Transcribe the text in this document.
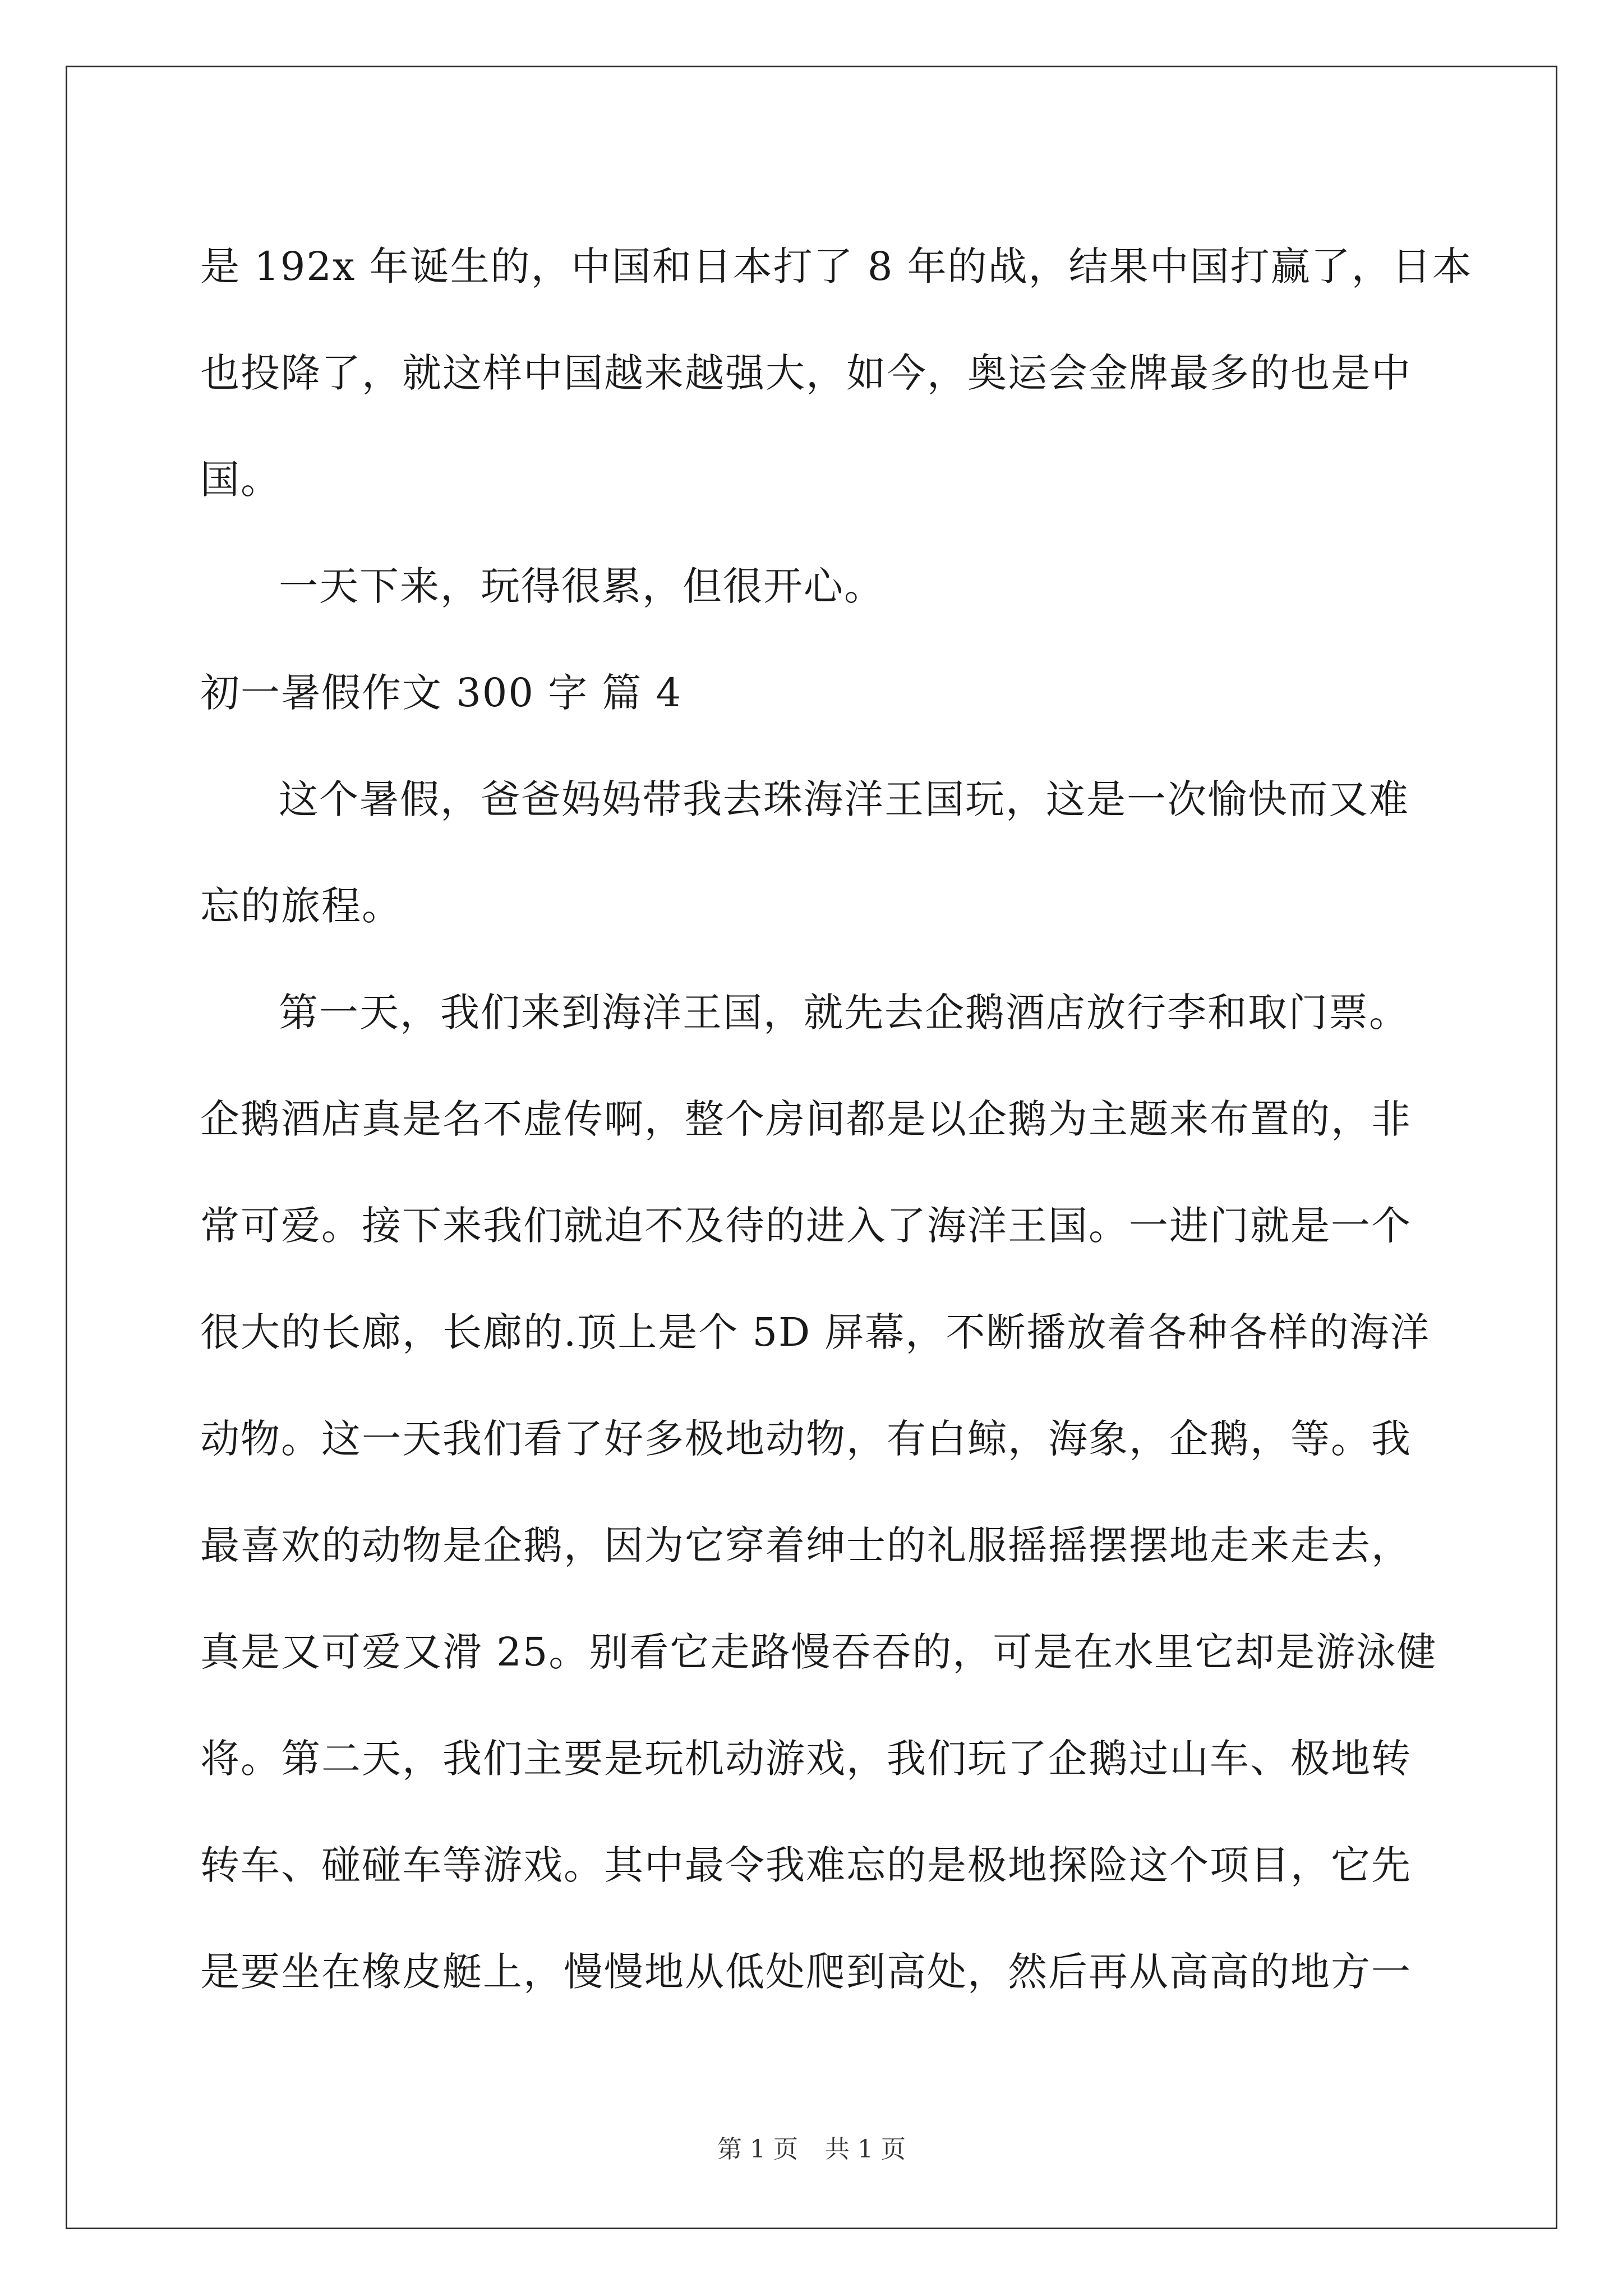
是 192x 年诞生的，中国和日本打了 8 年的战，结果中国打赢了，日本
也投降了，就这样中国越来越强大，如今，奥运会金牌最多的也是中
国。
一天下来，玩得很累，但很开心。
初一暑假作文 300 字 篇 4
这个暑假，爸爸妈妈带我去珠海洋王国玩，这是一次愉快而又难
忘的旅程。
第一天，我们来到海洋王国，就先去企鹅酒店放行李和取门票。
企鹅酒店真是名不虚传啊，整个房间都是以企鹅为主题来布置的，非
常可爱。接下来我们就迫不及待的进入了海洋王国。一进门就是一个
很大的长廊，长廊的.顶上是个 5D 屏幕，不断播放着各种各样的海洋
动物。这一天我们看了好多极地动物，有白鲸，海象，企鹅，等。我
最喜欢的动物是企鹅，因为它穿着绅士的礼服摇摇摆摆地走来走去，
真是又可爱又滑 25。别看它走路慢吞吞的，可是在水里它却是游泳健
将。第二天，我们主要是玩机动游戏，我们玩了企鹅过山车、极地转
转车、碰碰车等游戏。其中最令我难忘的是极地探险这个项目，它先
是要坐在橡皮艇上，慢慢地从低处爬到高处，然后再从高高的地方一
第 1 页 共 1 页
